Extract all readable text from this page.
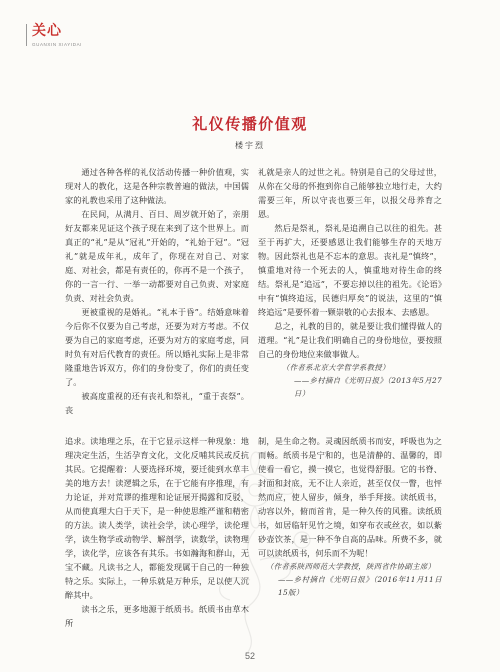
关心
GUANXIN XIAYIDAI
礼仪传播价值观
楼宇烈

通过各种各样的礼仪活动传播一种价值观，实现对人的教化，这是各种宗教普遍的做法，中国儒家的礼教也采用了这种做法。

在民间，从满月、百日、周岁就开始了，亲朋好友都来见证这个孩子现在来到了这个世界上。而真正的“礼”是从“冠礼”开始的，“礼始于冠”。“冠礼”就是成年礼，成年了，你现在对自己、对家庭、对社会，都是有责任的，你再不是一个孩子，你的一言一行、一举一动都要对自己负责、对家庭负责、对社会负责。

更被重视的是婚礼。“礼本于昏”。结婚意味着今后你不仅要为自己考虑，还要为对方考虑。不仅要为自己的家庭考虑，还要为对方的家庭考虑，同时负有对后代教育的责任。所以婚礼实际上是非常隆重地告诉双方，你们的身份变了，你们的责任变了。

被高度重视的还有丧礼和祭礼，“重于丧祭”。丧

礼就是亲人的过世之礼。特别是自己的父母过世，从你在父母的怀抱到你自己能够独立地行走，大约需要三年，所以守丧也要三年，以报父母养育之恩。

然后是祭礼，祭礼是追溯自己以往的祖先。甚至于再扩大，还要感恩让我们能够生存的天地万物。因此祭礼也是不忘本的意思。丧礼是“慎终”，慎重地对待一个死去的人，慎重地对待生命的终结。祭礼是“追远”，不要忘掉以往的祖先。《论语》中有“慎终追远，民德归厚矣”的说法，这里的“慎终追远”是要怀着一颗崇敬的心去报本、去感恩。

总之，礼教的目的，就是要让我们懂得做人的道理。“礼”是让我们明确自己的身份地位，要按照自己的身份地位来做事做人。

（作者系北京大学哲学系教授）

——乡村摘自《光明日报》（2013年5月27日）

追求。读地理之乐，在于它显示这样一种现象：地理决定生活，生活孕育文化，文化反哺其民或反抗其民。它提醒着：人要选择环境，要迁徙到水草丰美的地方去！读逻辑之乐，在于它能有序推理，有力论证，并对荒谬的推理和论证展开揭露和反驳，从而使真理大白于天下，是一种使思维严谨和精密的方法。读人类学，读社会学，读心理学，读伦理学，读生物学或动物学、解剖学，读数学，读物理学，读化学，应该各有其乐。书如瀚海和群山，无宝不藏。凡读书之人，都能发现属于自己的一种独特之乐。实际上，一种乐就是万种乐，足以使人沉醉其中。

读书之乐，更多地源于纸质书。纸质书由草木所

制，是生命之物。灵魂因纸质书而安，呼吸也为之而畅。纸质书是宁和的，也是清静的、温馨的，即使看一看它，摸一摸它，也觉得舒服。它的书脊、封面和封底，无不让人亲近，甚至仅仅一瞥，也怦然而应，使人留步，倾身，举手拜接。读纸质书，动容以外，俯而首肯，是一种久传的风雅。读纸质书，如居临轩见竹之境，如穿布衣或丝衣，如以紫砂壶饮茶，是一种不争自高的品味。所费不多，就可以读纸质书，何乐而不为呢！

（作者系陕西师范大学教授，陕西省作协副主席）

——乡村摘自《光明日报》（2016年11月11日15版）

52
